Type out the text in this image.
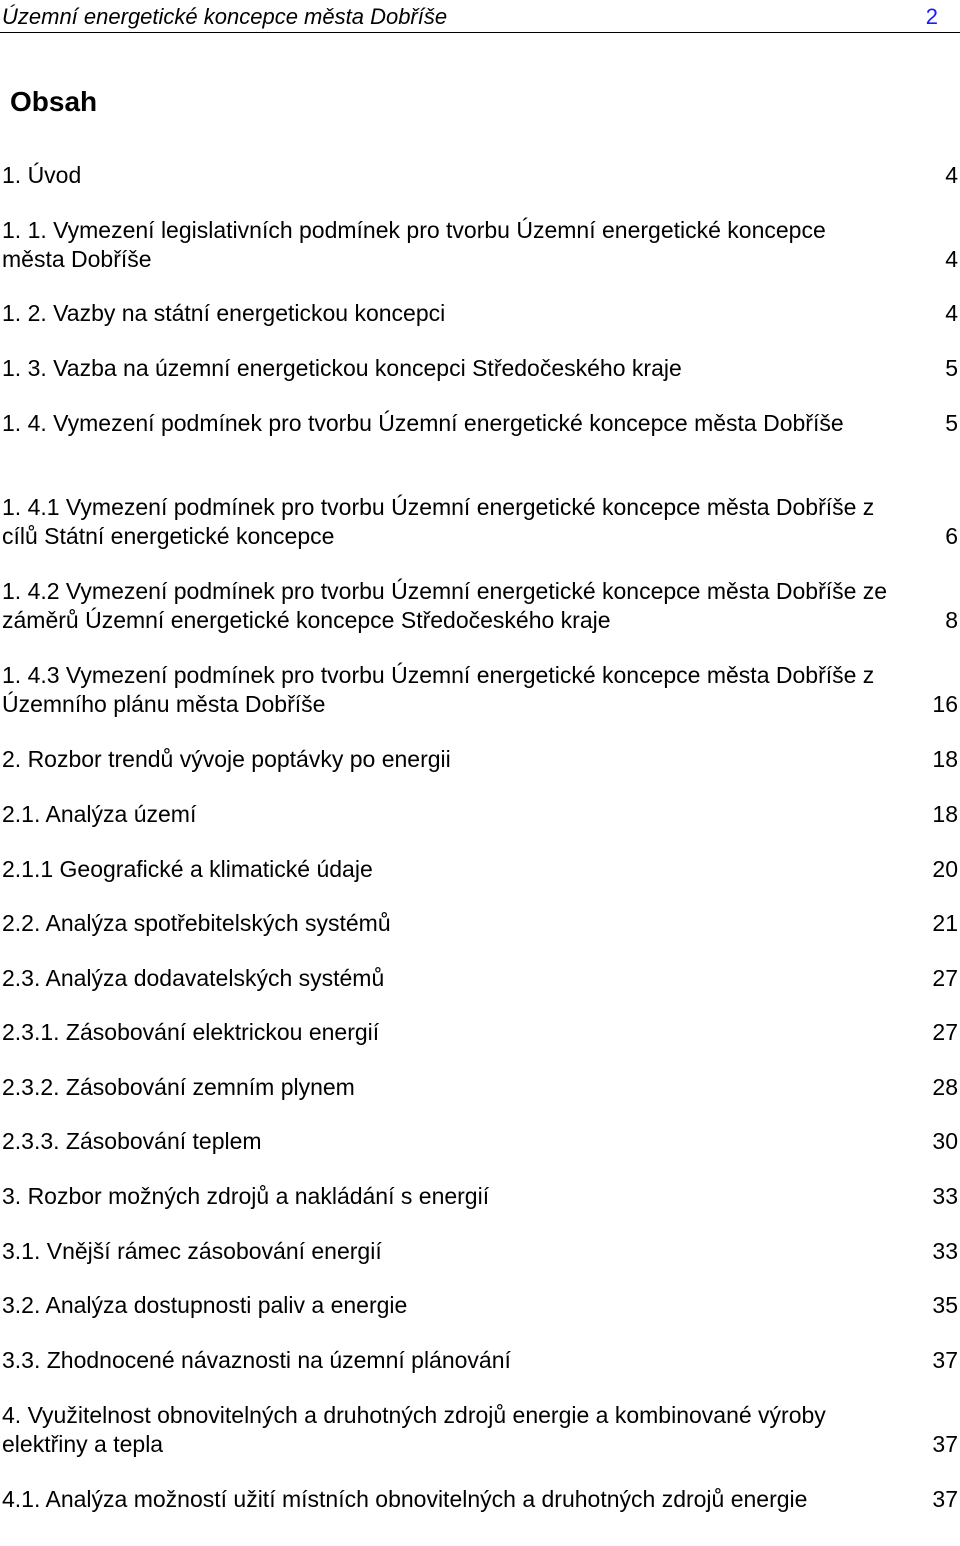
Územní energetické koncepce města Dobříše	2
Obsah
1. Úvod	4
1. 1. Vymezení legislativních podmínek pro tvorbu Územní energetické koncepce města Dobříše	4
1. 2. Vazby na státní energetickou koncepci	4
1. 3. Vazba na územní energetickou koncepci Středočeského kraje	5
1. 4. Vymezení podmínek pro tvorbu Územní energetické koncepce města Dobříše	5
1. 4.1 Vymezení podmínek pro tvorbu Územní energetické koncepce města Dobříše z cílů Státní energetické koncepce	6
1. 4.2 Vymezení podmínek pro tvorbu Územní energetické koncepce města Dobříše ze záměrů Územní energetické koncepce Středočeského kraje	8
1. 4.3 Vymezení podmínek pro tvorbu Územní energetické koncepce města Dobříše z Územního plánu města Dobříše	16
2. Rozbor trendů vývoje poptávky po energii	18
2.1. Analýza území	18
2.1.1 Geografické a klimatické údaje	20
2.2. Analýza spotřebitelských systémů	21
2.3. Analýza dodavatelských systémů	27
2.3.1. Zásobování elektrickou energií	27
2.3.2. Zásobování zemním plynem	28
2.3.3. Zásobování teplem	30
3. Rozbor možných zdrojů a nakládání s energií	33
3.1. Vnější rámec zásobování energií	33
3.2. Analýza dostupnosti paliv a energie	35
3.3. Zhodnocené návaznosti na územní plánování	37
4. Využitelnost obnovitelných a druhotných zdrojů energie a kombinované výroby elektřiny a tepla	37
4.1. Analýza možností užití místních obnovitelných a druhotných zdrojů energie	37
